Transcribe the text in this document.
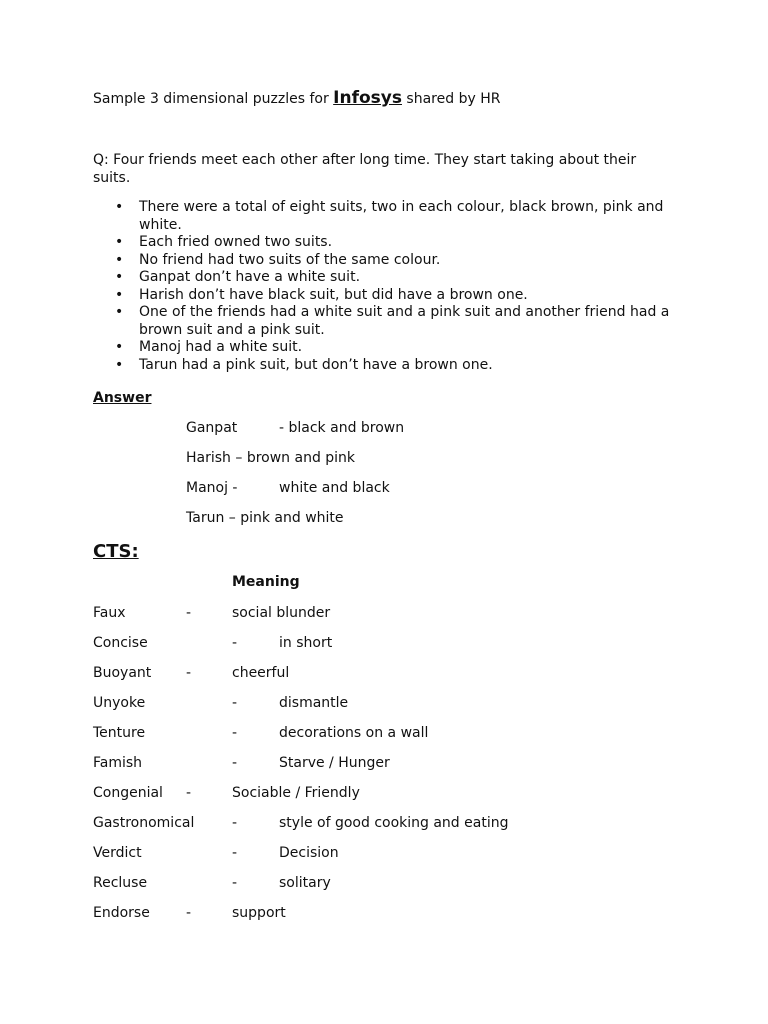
Sample 3 dimensional puzzles for Infosys shared by HR
Q: Four friends meet each other after long time. They start taking about their suits.
• There were a total of eight suits, two in each colour, black brown, pink and white.
• Each fried owned two suits.
• No friend had two suits of the same colour.
• Ganpat don’t have a white suit.
• Harish don’t have black suit, but did have a brown one.
• One of the friends had a white suit and a pink suit and another friend had a brown suit and a pink suit.
• Manoj had a white suit.
• Tarun had a pink suit, but don’t have a brown one.
Answer
Ganpat	- black and brown
Harish – brown and pink
Manoj -	white and black
Tarun – pink and white
CTS:
Meaning
Faux	-	social blunder
Concise	-	in short
Buoyant -	cheerful
Unyoke	-	dismantle
Tenture	-	decorations on a wall
Famish	-	Starve / Hunger
Congenial -	Sociable / Friendly
Gastronomical	-	style of good cooking and eating
Verdict	-	Decision
Recluse	-	solitary
Endorse	-	support
